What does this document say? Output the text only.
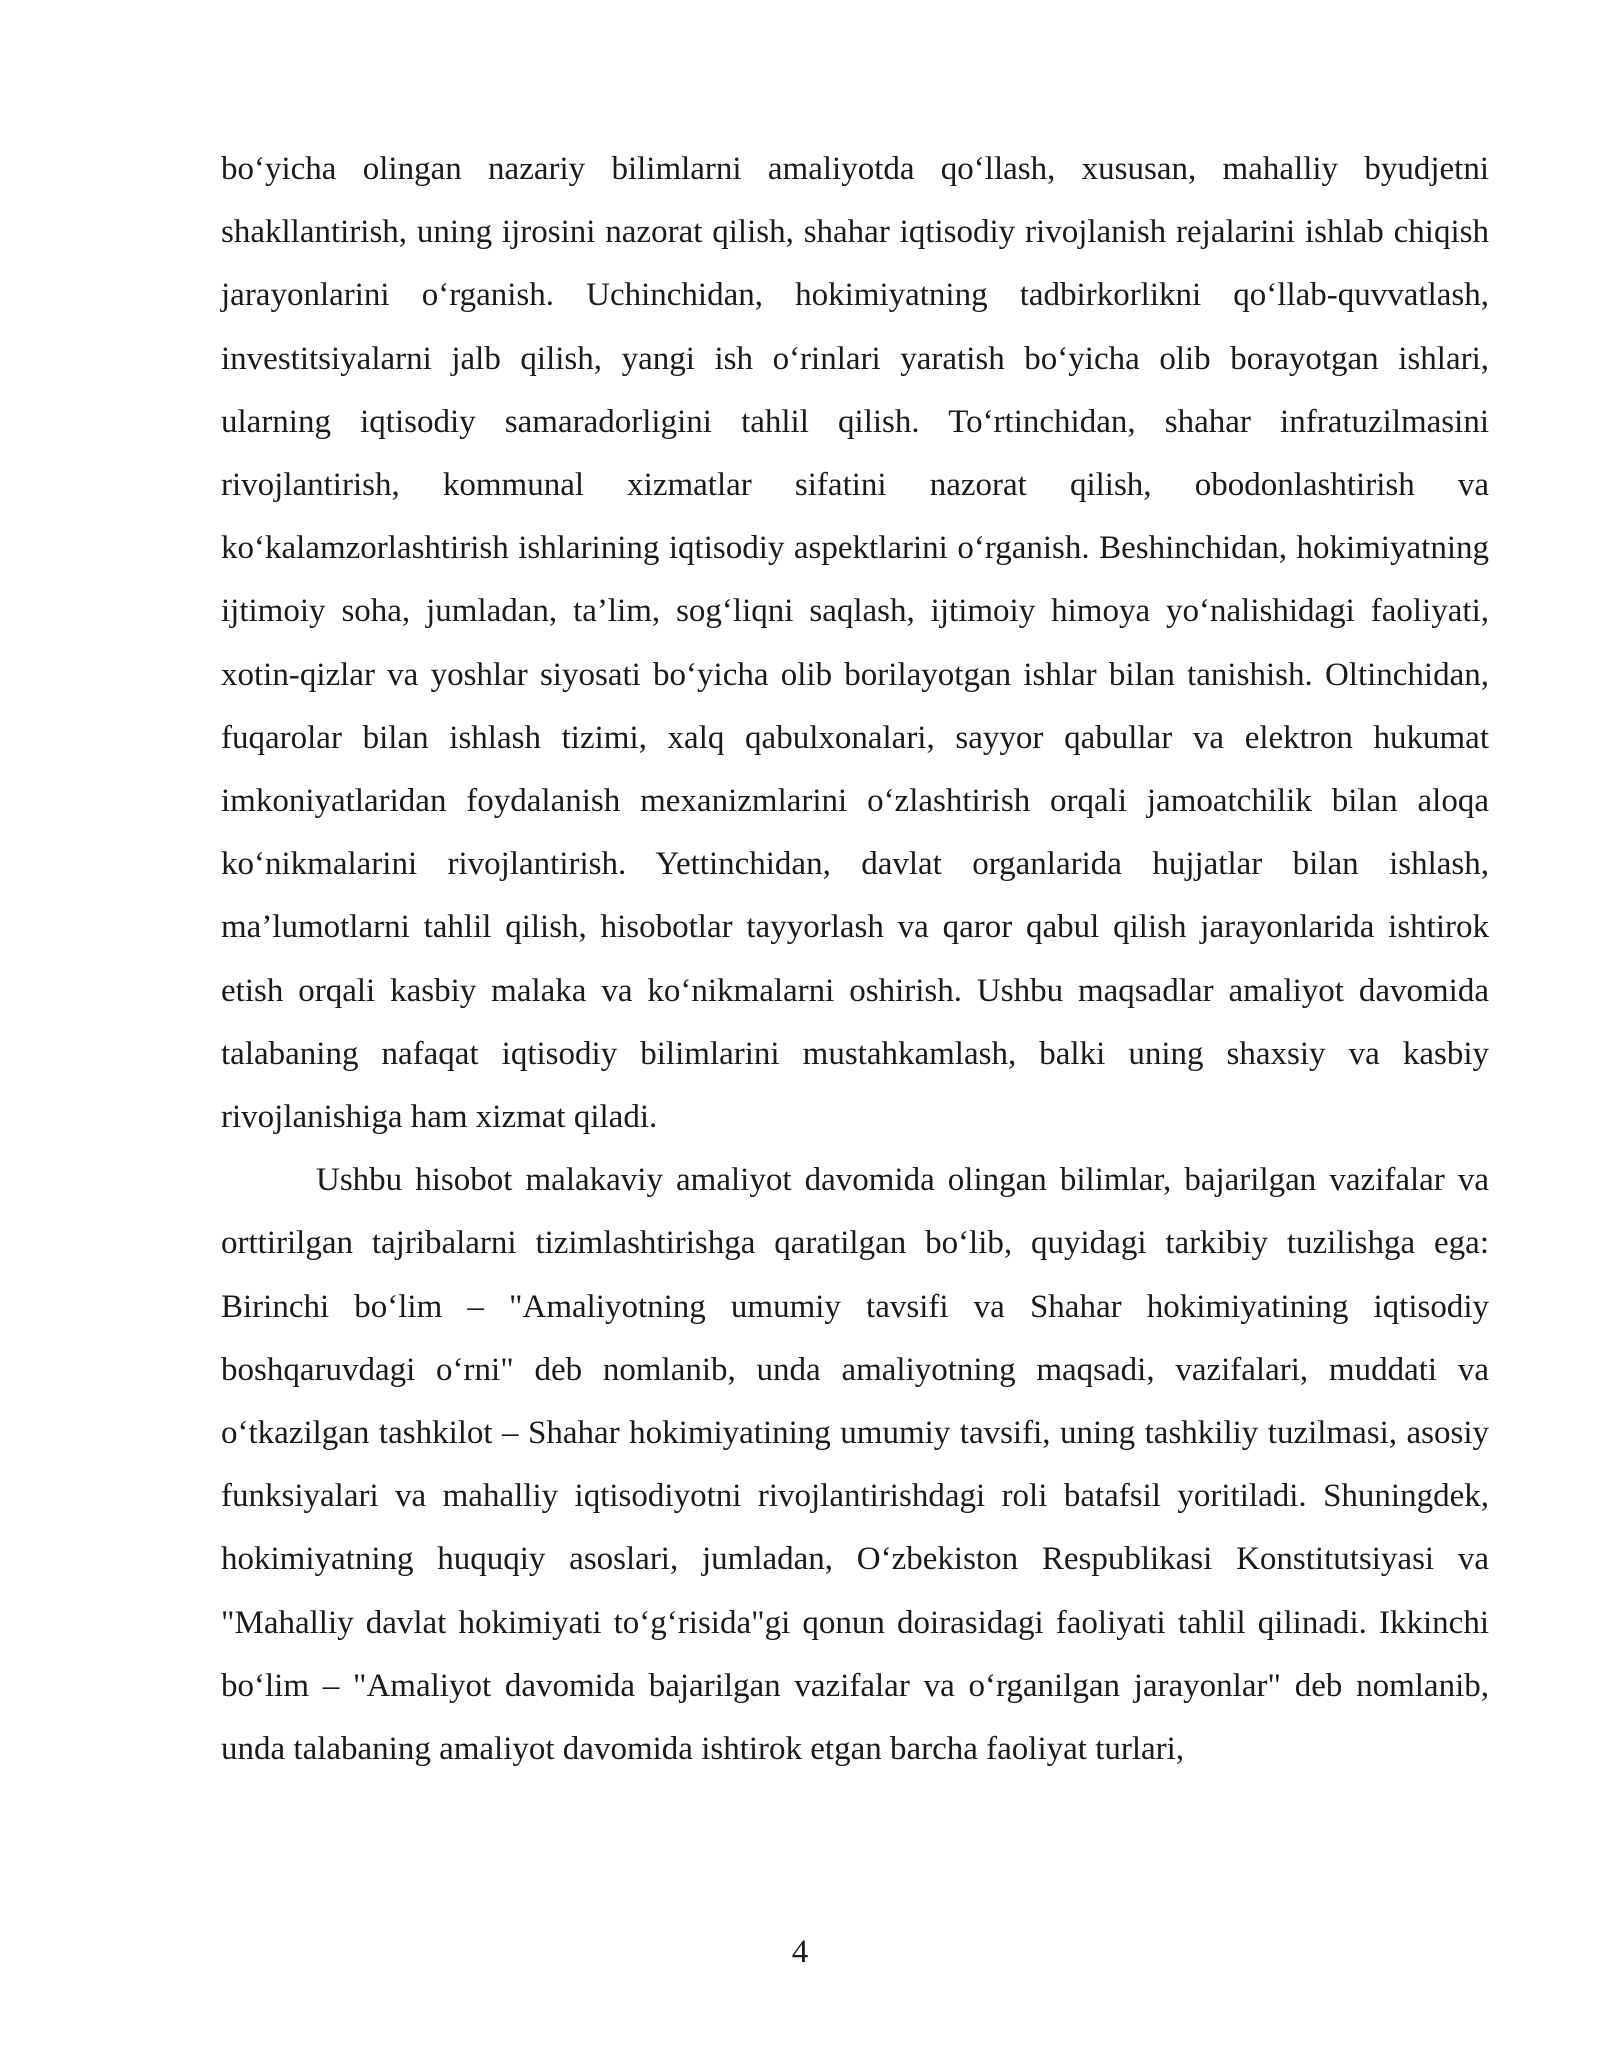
bo‘yicha olingan nazariy bilimlarni amaliyotda qo‘llash, xususan, mahalliy byudjetni shakllantirish, uning ijrosini nazorat qilish, shahar iqtisodiy rivojlanish rejalarini ishlab chiqish jarayonlarini o‘rganish. Uchinchidan, hokimiyatning tadbirkorlikni qo‘llab-quvvatlash, investitsiyalarni jalb qilish, yangi ish o‘rinlari yaratish bo‘yicha olib borayotgan ishlari, ularning iqtisodiy samaradorligini tahlil qilish. To‘rtinchidan, shahar infratuzilmasini rivojlantirish, kommunal xizmatlar sifatini nazorat qilish, obodonlashtirish va ko‘kalamzorlashtirish ishlarining iqtisodiy aspektlarini o‘rganish. Beshinchidan, hokimiyatning ijtimoiy soha, jumladan, ta’lim, sog‘liqni saqlash, ijtimoiy himoya yo‘nalishidagi faoliyati, xotin-qizlar va yoshlar siyosati bo‘yicha olib borilayotgan ishlar bilan tanishish. Oltinchidan, fuqarolar bilan ishlash tizimi, xalq qabulxonalari, sayyor qabullar va elektron hukumat imkoniyatlaridan foydalanish mexanizmlarini o‘zlashtirish orqali jamoatchilik bilan aloqa ko‘nikmalarini rivojlantirish. Yettinchidan, davlat organlarida hujjatlar bilan ishlash, ma’lumotlarni tahlil qilish, hisobotlar tayyorlash va qaror qabul qilish jarayonlarida ishtirok etish orqali kasbiy malaka va ko‘nikmalarni oshirish. Ushbu maqsadlar amaliyot davomida talabaning nafaqat iqtisodiy bilimlarini mustahkamlash, balki uning shaxsiy va kasbiy rivojlanishiga ham xizmat qiladi.

Ushbu hisobot malakaviy amaliyot davomida olingan bilimlar, bajarilgan vazifalar va orttirilgan tajribalarni tizimlashtirishga qaratilgan bo‘lib, quyidagi tarkibiy tuzilishga ega: Birinchi bo‘lim – "Amaliyotning umumiy tavsifi va Shahar hokimiyatining iqtisodiy boshqaruvdagi o‘rni" deb nomlanib, unda amaliyotning maqsadi, vazifalari, muddati va o‘tkazilgan tashkilot – Shahar hokimiyatining umumiy tavsifi, uning tashkiliy tuzilmasi, asosiy funksiyalari va mahalliy iqtisodiyotni rivojlantirishdagi roli batafsil yoritiladi. Shuningdek, hokimiyatning huquqiy asoslari, jumladan, O‘zbekiston Respublikasi Konstitutsiyasi va "Mahalliy davlat hokimiyati to‘g‘risida"gi qonun doirasidagi faoliyati tahlil qilinadi. Ikkinchi bo‘lim – "Amaliyot davomida bajarilgan vazifalar va o‘rganilgan jarayonlar" deb nomlanib, unda talabaning amaliyot davomida ishtirok etgan barcha faoliyat turlari,

4
